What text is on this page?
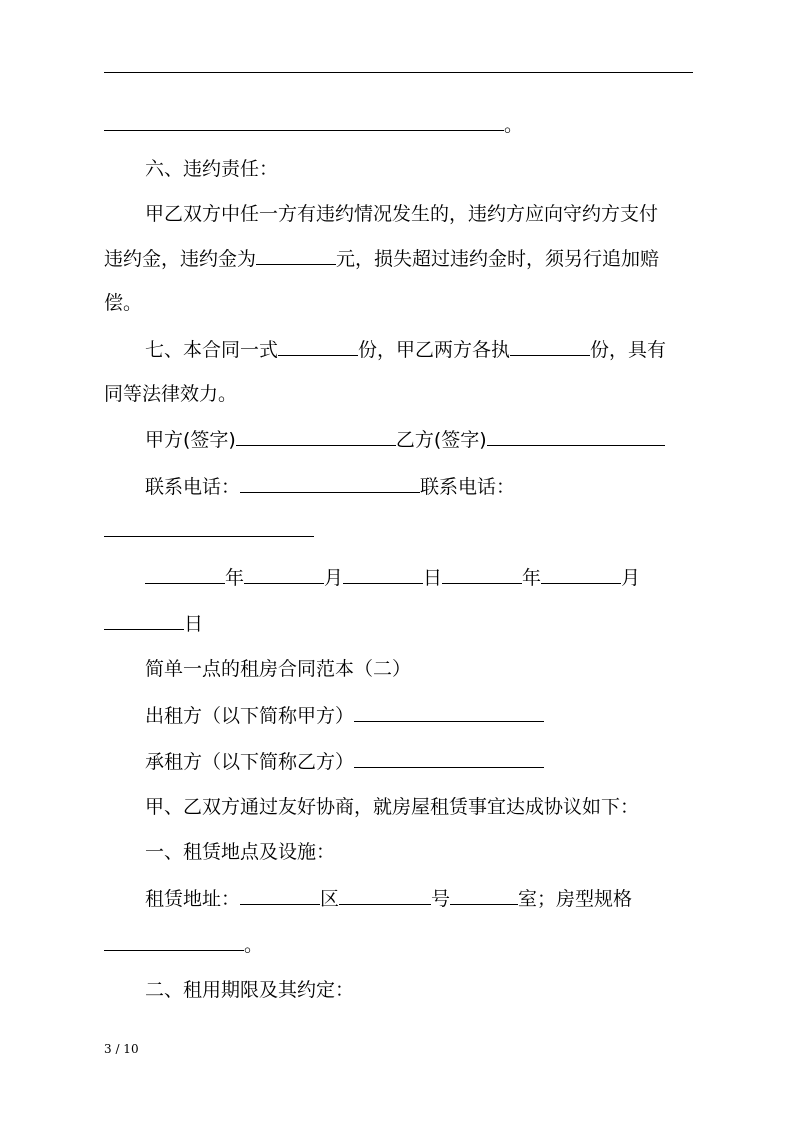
。
六、违约责任：
甲乙双方中任一方有违约情况发生的，违约方应向守约方支付
违约金，违约金为	元，损失超过违约金时，须另行追加赔
偿。
七、本合同一式	份，甲乙两方各执	份，具有
同等法律效力。
甲方(签字)	乙方(签字)
联系电话：	联系电话：
年	月	日	年	月
日
简单一点的租房合同范本（二）
出租方（以下简称甲方）
承租方（以下简称乙方）
甲、乙双方通过友好协商，就房屋租赁事宜达成协议如下：
一、租赁地点及设施：
租赁地址：	区	号	室；房型规格
。
二、租用期限及其约定：
3 / 10
